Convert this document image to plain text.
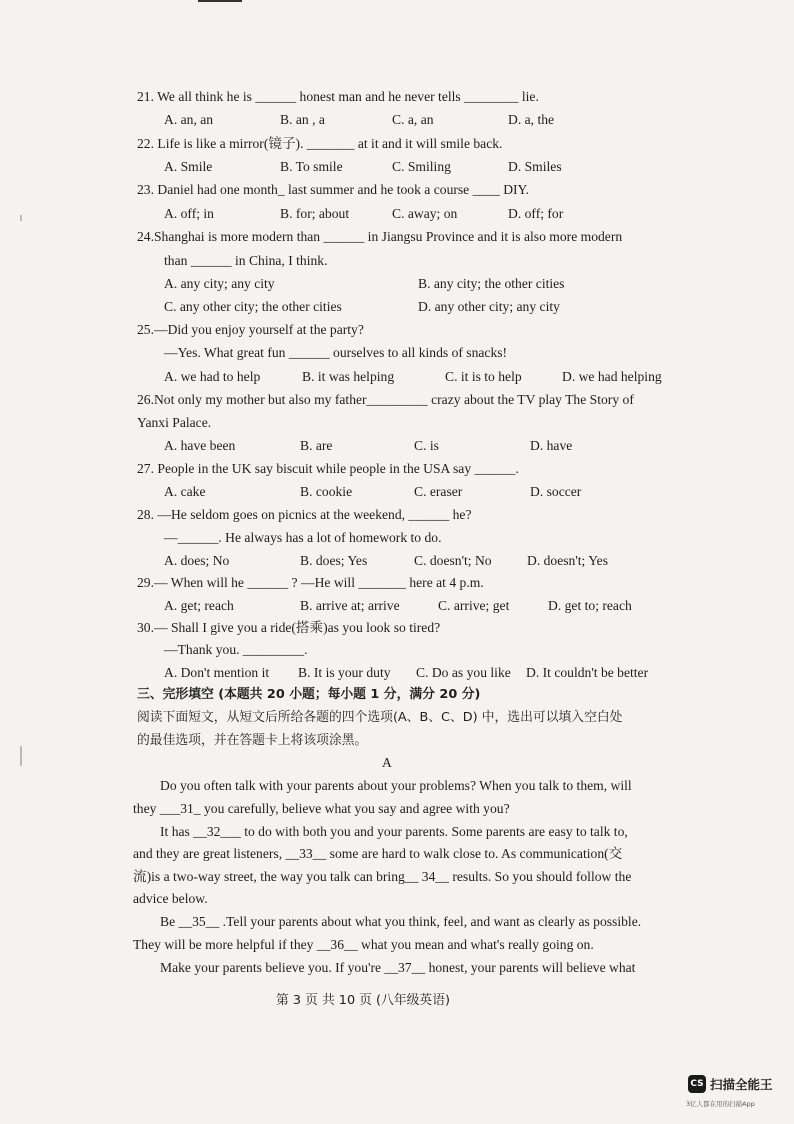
21. We all think he is ______ honest man and he never tells ________ lie.
A. an, an	B. an , a	C. a, an	D. a, the
22. Life is like a mirror(镜子). _______ at it and it will smile back.
A. Smile	B. To smile	C. Smiling	D. Smiles
23. Daniel had one month_ last summer and he took a course ____ DIY.
A. off; in	B. for; about	C. away; on	D. off; for
24.Shanghai is more modern than ______ in Jiangsu Province and it is also more modern
than ______ in China, I think.
A. any city; any city	B. any city; the other cities
C. any other city; the other cities	D. any other city; any city
25.—Did you enjoy yourself at the party?
—Yes. What great fun ______ ourselves to all kinds of snacks!
A. we had to help	B. it was helping	C. it is to help	D. we had helping
26.Not only my mother but also my father_________ crazy about the TV play The Story of
Yanxi Palace.
A. have been	B. are	C. is	D. have
27. People in the UK say biscuit while people in the USA say ______.
A. cake	B. cookie	C. eraser	D. soccer
28. —He seldom goes on picnics at the weekend, ______ he?
—______. He always has a lot of homework to do.
A. does; No	B. does; Yes	C. doesn't; No	D. doesn't; Yes
29.— When will he ______ ? —He will _______ here at 4 p.m.
A. get; reach	B. arrive at; arrive	C. arrive; get	D. get to; reach
30.— Shall I give you a ride(搭乘)as you look so tired?
—Thank you. _________.
A. Don't mention it B. It is your duty C. Do as you like D. It couldn't be better
三、完形填空 (本题共 20 小题；每小题 1 分，满分 20 分)
阅读下面短文，从短文后所给各题的四个选项(A、B、C、D) 中，选出可以填入空白处
的最佳选项，并在答题卡上将该项涂黑。
A
Do you often talk with your parents about your problems? When you talk to them, will
they ___31_ you carefully, believe what you say and agree with you?
It has __32___ to do with both you and your parents. Some parents are easy to talk to,
and they are great listeners, __33__ some are hard to walk close to. As communication(交
流)is a two-way street, the way you talk can bring__ 34__ results. So you should follow the
advice below.
Be __35__ .Tell your parents about what you think, feel, and want as clearly as possible.
They will be more helpful if they __36__ what you mean and what's really going on.
Make your parents believe you. If you're __37__ honest, your parents will believe what
第 3 页 共 10 页 (八年级英语)
CS 扫描全能王
3亿人都在用的扫描App
